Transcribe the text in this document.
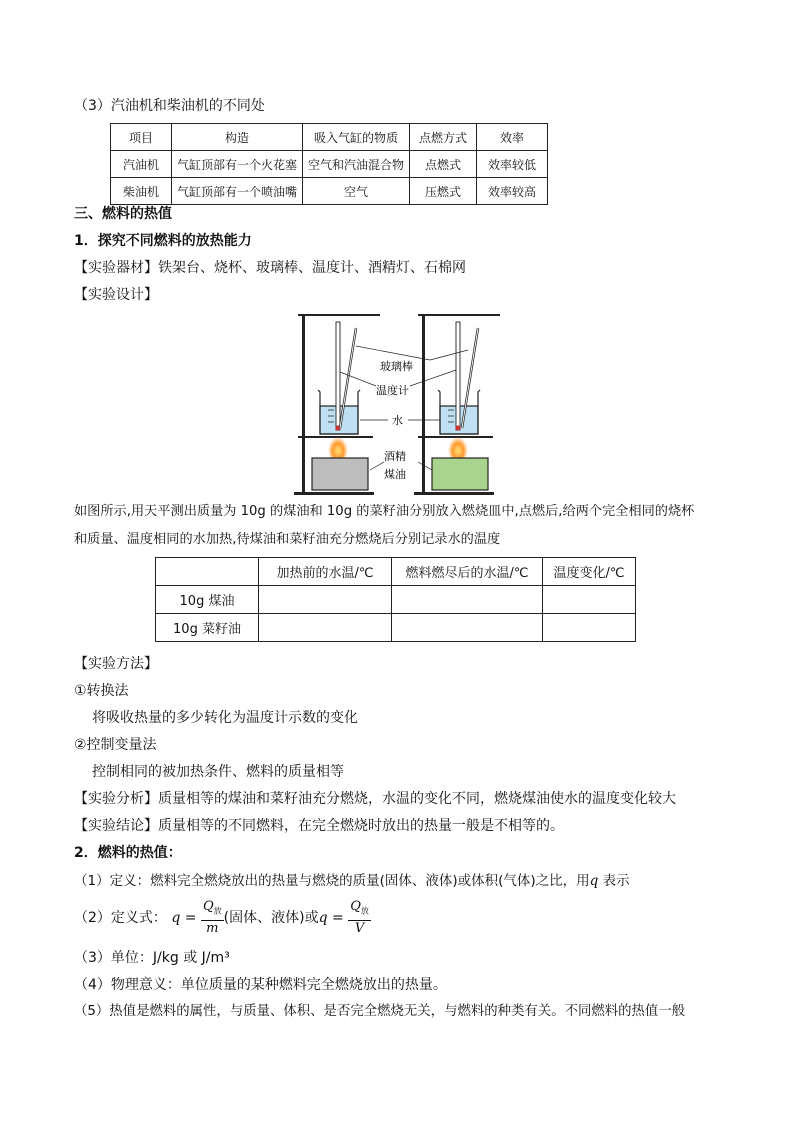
（3）汽油机和柴油机的不同处
项目	构造	吸入气缸的物质	点燃方式	效率
汽油机	气缸顶部有一个火花塞	空气和汽油混合物	点燃式	效率较低
柴油机	气缸顶部有一个喷油嘴	空气	压燃式	效率较高
三、燃料的热值
1．探究不同燃料的放热能力
【实验器材】铁架台、烧杯、玻璃棒、温度计、酒精灯、石棉网
【实验设计】
玻璃棒
温度计
水
酒精
煤油
如图所示,用天平测出质量为 10g 的煤油和 10g 的菜籽油分别放入燃烧皿中,点燃后,给两个完全相同的烧杯
和质量、温度相同的水加热,待煤油和菜籽油充分燃烧后分别记录水的温度
	加热前的水温/℃	燃料燃尽后的水温/℃	温度变化/℃
10g 煤油			
10g 菜籽油			
【实验方法】
①转换法
将吸收热量的多少转化为温度计示数的变化
②控制变量法
控制相同的被加热条件、燃料的质量相等
【实验分析】质量相等的煤油和菜籽油充分燃烧，水温的变化不同，燃烧煤油使水的温度变化较大
【实验结论】质量相等的不同燃料，在完全燃烧时放出的热量一般是不相等的。
2．燃料的热值：
（1）定义：燃料完全燃烧放出的热量与燃烧的质量(固体、液体)或体积(气体)之比，用q 表示
（2）定义式： $q = \frac{Q_放}{m}$ (固体、液体)或$q = \frac{Q_放}{V}$
（3）单位：J/kg 或 J/m³
（4）物理意义：单位质量的某种燃料完全燃烧放出的热量。
（5）热值是燃料的属性，与质量、体积、是否完全燃烧无关，与燃料的种类有关。不同燃料的热值一般
